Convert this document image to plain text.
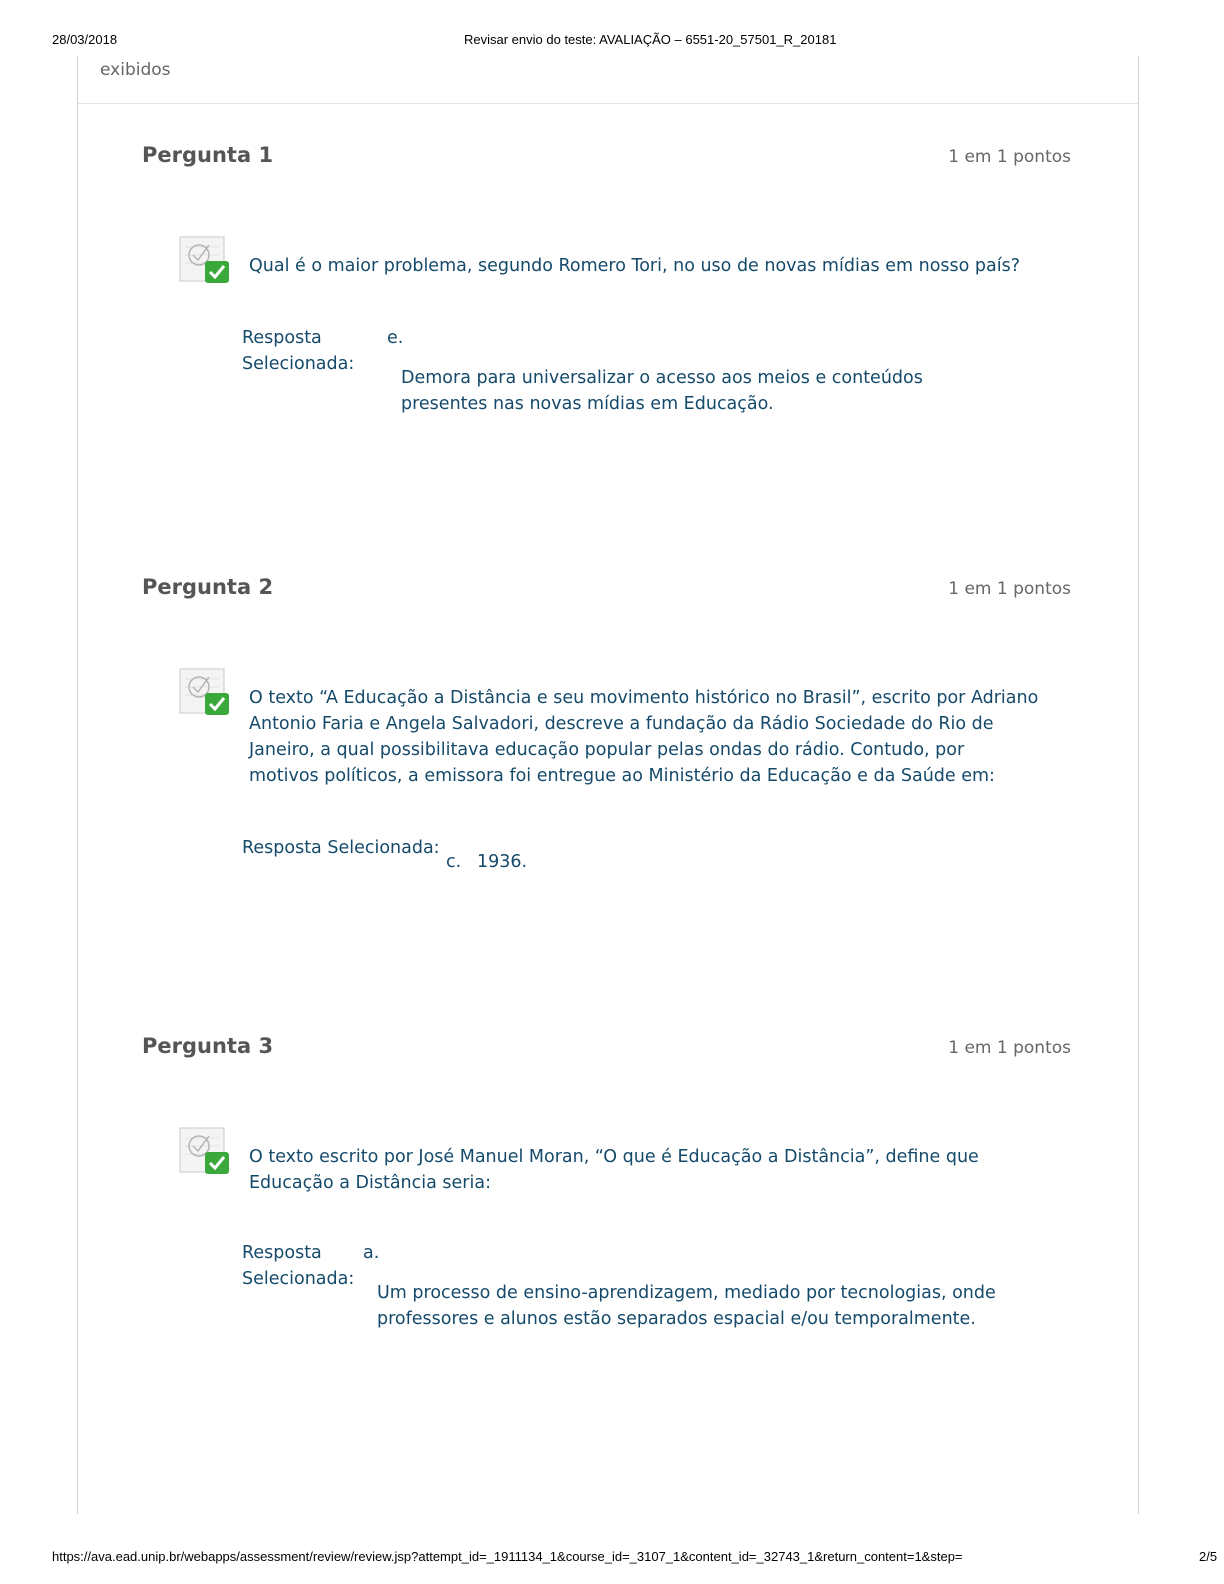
28/03/2018	Revisar envio do teste: AVALIAÇÃO – 6551-20_57501_R_20181
exibidos
Pergunta 1	1 em 1 pontos
Qual é o maior problema, segundo Romero Tori, no uso de novas mídias em nosso país?
Resposta Selecionada:
e.
Demora para universalizar o acesso aos meios e conteúdos presentes nas novas mídias em Educação.
Pergunta 2	1 em 1 pontos
O texto “A Educação a Distância e seu movimento histórico no Brasil”, escrito por Adriano Antonio Faria e Angela Salvadori, descreve a fundação da Rádio Sociedade do Rio de Janeiro, a qual possibilitava educação popular pelas ondas do rádio. Contudo, por motivos políticos, a emissora foi entregue ao Ministério da Educação e da Saúde em:
Resposta Selecionada:
c. 1936.
Pergunta 3	1 em 1 pontos
O texto escrito por José Manuel Moran, “O que é Educação a Distância”, define que Educação a Distância seria:
Resposta Selecionada:
a.
Um processo de ensino-aprendizagem, mediado por tecnologias, onde professores e alunos estão separados espacial e/ou temporalmente.
https://ava.ead.unip.br/webapps/assessment/review/review.jsp?attempt_id=_1911134_1&course_id=_3107_1&content_id=_32743_1&return_content=1&step=	2/5
